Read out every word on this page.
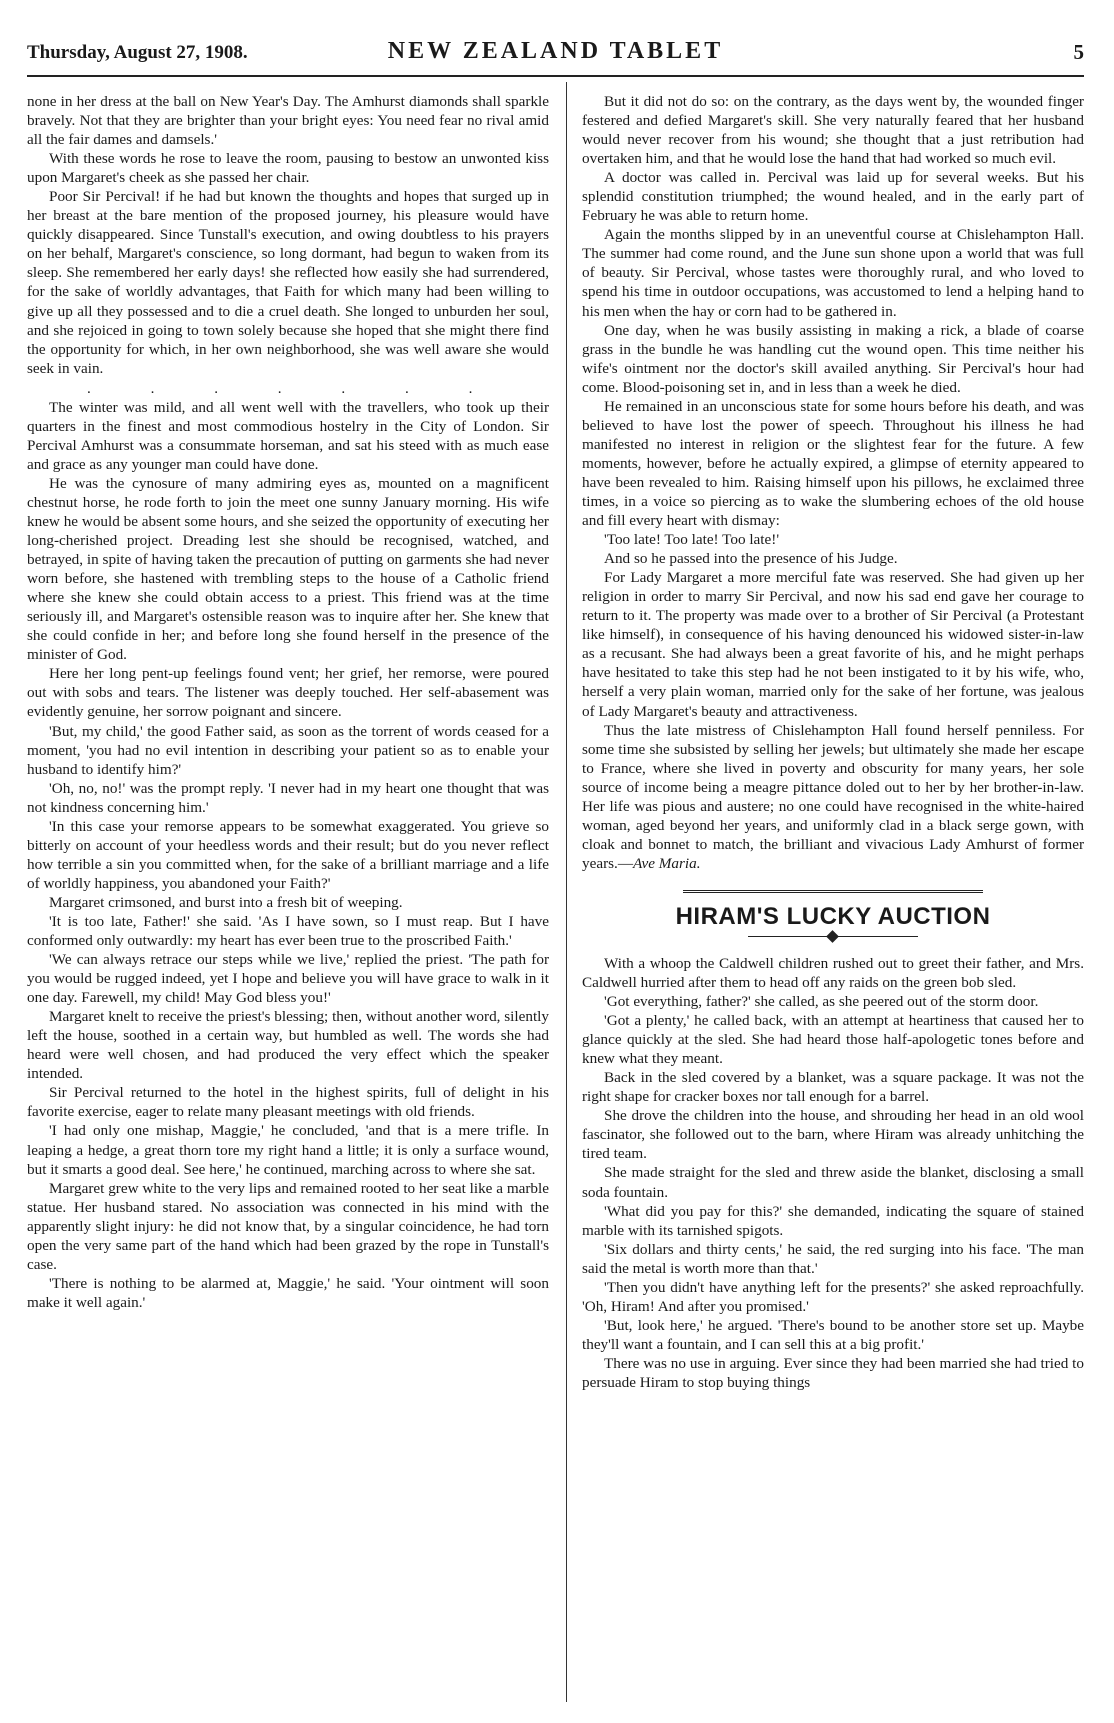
Thursday, August 27, 1908.	NEW ZEALAND TABLET	5

none in her dress at the ball on New Year's Day. The Amhurst diamonds shall sparkle bravely. Not that they are brighter than your bright eyes: You need fear no rival amid all the fair dames and damsels.'

With these words he rose to leave the room, pausing to bestow an unwonted kiss upon Margaret's cheek as she passed her chair.

Poor Sir Percival! if he had but known the thoughts and hopes that surged up in her breast at the bare mention of the proposed journey, his pleasure would have quickly disappeared. Since Tunstall's execution, and owing doubtless to his prayers on her behalf, Margaret's conscience, so long dormant, had begun to waken from its sleep. She remembered her early days! she reflected how easily she had surrendered, for the sake of worldly advantages, that Faith for which many had been willing to give up all they possessed and to die a cruel death. She longed to unburden her soul, and she rejoiced in going to town solely because she hoped that she might there find the opportunity for which, in her own neighborhood, she was well aware she would seek in vain.

. . . . . . .

The winter was mild, and all went well with the travellers, who took up their quarters in the finest and most commodious hostelry in the City of London. Sir Percival Amhurst was a consummate horseman, and sat his steed with as much ease and grace as any younger man could have done.

He was the cynosure of many admiring eyes as, mounted on a magnificent chestnut horse, he rode forth to join the meet one sunny January morning. His wife knew he would be absent some hours, and she seized the opportunity of executing her long-cherished project. Dreading lest she should be recognised, watched, and betrayed, in spite of having taken the precaution of putting on garments she had never worn before, she hastened with trembling steps to the house of a Catholic friend where she knew she could obtain access to a priest. This friend was at the time seriously ill, and Margaret's ostensible reason was to inquire after her. She knew that she could confide in her; and before long she found herself in the presence of the minister of God.

Here her long pent-up feelings found vent; her grief, her remorse, were poured out with sobs and tears. The listener was deeply touched. Her self-abasement was evidently genuine, her sorrow poignant and sincere.

'But, my child,' the good Father said, as soon as the torrent of words ceased for a moment, 'you had no evil intention in describing your patient so as to enable your husband to identify him?'

'Oh, no, no!' was the prompt reply. 'I never had in my heart one thought that was not kindness concerning him.'

'In this case your remorse appears to be somewhat exaggerated. You grieve so bitterly on account of your heedless words and their result; but do you never reflect how terrible a sin you committed when, for the sake of a brilliant marriage and a life of worldly happiness, you abandoned your Faith?'

Margaret crimsoned, and burst into a fresh bit of weeping.

'It is too late, Father!' she said. 'As I have sown, so I must reap. But I have conformed only outwardly: my heart has ever been true to the proscribed Faith.'

'We can always retrace our steps while we live,' replied the priest. 'The path for you would be rugged indeed, yet I hope and believe you will have grace to walk in it one day. Farewell, my child! May God bless you!'

Margaret knelt to receive the priest's blessing; then, without another word, silently left the house, soothed in a certain way, but humbled as well. The words she had heard were well chosen, and had produced the very effect which the speaker intended.

Sir Percival returned to the hotel in the highest spirits, full of delight in his favorite exercise, eager to relate many pleasant meetings with old friends.

'I had only one mishap, Maggie,' he concluded, 'and that is a mere trifle. In leaping a hedge, a great thorn tore my right hand a little; it is only a surface wound, but it smarts a good deal. See here,' he continued, marching across to where she sat.

Margaret grew white to the very lips and remained rooted to her seat like a marble statue. Her husband stared. No association was connected in his mind with the apparently slight injury: he did not know that, by a singular coincidence, he had torn open the very same part of the hand which had been grazed by the rope in Tunstall's case.

'There is nothing to be alarmed at, Maggie,' he said. 'Your ointment will soon make it well again.'

But it did not do so: on the contrary, as the days went by, the wounded finger festered and defied Margaret's skill. She very naturally feared that her husband would never recover from his wound; she thought that a just retribution had overtaken him, and that he would lose the hand that had worked so much evil.

A doctor was called in. Percival was laid up for several weeks. But his splendid constitution triumphed; the wound healed, and in the early part of February he was able to return home.

Again the months slipped by in an uneventful course at Chislehampton Hall. The summer had come round, and the June sun shone upon a world that was full of beauty. Sir Percival, whose tastes were thoroughly rural, and who loved to spend his time in outdoor occupations, was accustomed to lend a helping hand to his men when the hay or corn had to be gathered in.

One day, when he was busily assisting in making a rick, a blade of coarse grass in the bundle he was handling cut the wound open. This time neither his wife's ointment nor the doctor's skill availed anything. Sir Percival's hour had come. Blood-poisoning set in, and in less than a week he died.

He remained in an unconscious state for some hours before his death, and was believed to have lost the power of speech. Throughout his illness he had manifested no interest in religion or the slightest fear for the future. A few moments, however, before he actually expired, a glimpse of eternity appeared to have been revealed to him. Raising himself upon his pillows, he exclaimed three times, in a voice so piercing as to wake the slumbering echoes of the old house and fill every heart with dismay:

'Too late! Too late! Too late!'

And so he passed into the presence of his Judge.

For Lady Margaret a more merciful fate was reserved. She had given up her religion in order to marry Sir Percival, and now his sad end gave her courage to return to it. The property was made over to a brother of Sir Percival (a Protestant like himself), in consequence of his having denounced his widowed sister-in-law as a recusant. She had always been a great favorite of his, and he might perhaps have hesitated to take this step had he not been instigated to it by his wife, who, herself a very plain woman, married only for the sake of her fortune, was jealous of Lady Margaret's beauty and attractiveness.

Thus the late mistress of Chislehampton Hall found herself penniless. For some time she subsisted by selling her jewels; but ultimately she made her escape to France, where she lived in poverty and obscurity for many years, her sole source of income being a meagre pittance doled out to her by her brother-in-law. Her life was pious and austere; no one could have recognised in the white-haired woman, aged beyond her years, and uniformly clad in a black serge gown, with cloak and bonnet to match, the brilliant and vivacious Lady Amhurst of former years.—Ave Maria.

HIRAM'S LUCKY AUCTION

With a whoop the Caldwell children rushed out to greet their father, and Mrs. Caldwell hurried after them to head off any raids on the green bob sled.

'Got everything, father?' she called, as she peered out of the storm door.

'Got a plenty,' he called back, with an attempt at heartiness that caused her to glance quickly at the sled. She had heard those half-apologetic tones before and knew what they meant.

Back in the sled covered by a blanket, was a square package. It was not the right shape for cracker boxes nor tall enough for a barrel.

She drove the children into the house, and shrouding her head in an old wool fascinator, she followed out to the barn, where Hiram was already unhitching the tired team.

She made straight for the sled and threw aside the blanket, disclosing a small soda fountain.

'What did you pay for this?' she demanded, indicating the square of stained marble with its tarnished spigots.

'Six dollars and thirty cents,' he said, the red surging into his face. 'The man said the metal is worth more than that.'

'Then you didn't have anything left for the presents?' she asked reproachfully. 'Oh, Hiram! And after you promised.'

'But, look here,' he argued. 'There's bound to be another store set up. Maybe they'll want a fountain, and I can sell this at a big profit.'

There was no use in arguing. Ever since they had been married she had tried to persuade Hiram to stop buying things
